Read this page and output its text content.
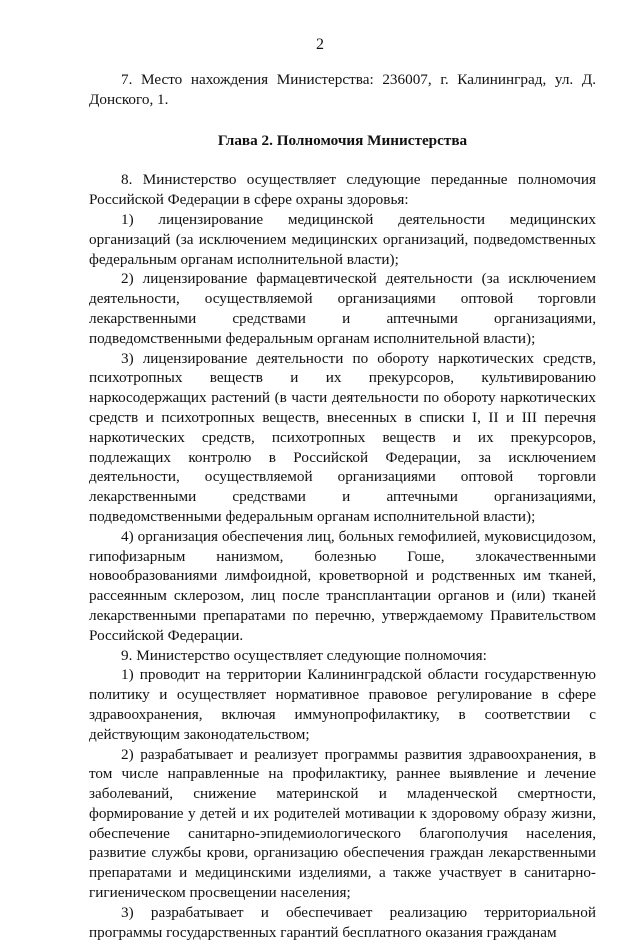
2

7. Место нахождения Министерства: 236007, г. Калининград, ул. Д. Донского, 1.

Глава 2. Полномочия Министерства

8. Министерство осуществляет следующие переданные полномочия Российской Федерации в сфере охраны здоровья:

1) лицензирование медицинской деятельности медицинских организаций (за исключением медицинских организаций, подведомственных федеральным органам исполнительной власти);

2) лицензирование фармацевтической деятельности (за исключением деятельности, осуществляемой организациями оптовой торговли лекарственными средствами и аптечными организациями, подведомственными федеральным органам исполнительной власти);

3) лицензирование деятельности по обороту наркотических средств, психотропных веществ и их прекурсоров, культивированию наркосодержащих растений (в части деятельности по обороту наркотических средств и психотропных веществ, внесенных в списки I, II и III перечня наркотических средств, психотропных веществ и их прекурсоров, подлежащих контролю в Российской Федерации, за исключением деятельности, осуществляемой организациями оптовой торговли лекарственными средствами и аптечными организациями, подведомственными федеральным органам исполнительной власти);

4) организация обеспечения лиц, больных гемофилией, муковисцидозом, гипофизарным нанизмом, болезнью Гоше, злокачественными новообразованиями лимфоидной, кроветворной и родственных им тканей, рассеянным склерозом, лиц после трансплантации органов и (или) тканей лекарственными препаратами по перечню, утверждаемому Правительством Российской Федерации.

9. Министерство осуществляет следующие полномочия:

1) проводит на территории Калининградской области государственную политику и осуществляет нормативное правовое регулирование в сфере здравоохранения, включая иммунопрофилактику, в соответствии с действующим законодательством;

2) разрабатывает и реализует программы развития здравоохранения, в том числе направленные на профилактику, раннее выявление и лечение заболеваний, снижение материнской и младенческой смертности, формирование у детей и их родителей мотивации к здоровому образу жизни, обеспечение санитарно-эпидемиологического благополучия населения, развитие службы крови, организацию обеспечения граждан лекарственными препаратами и медицинскими изделиями, а также участвует в санитарно-гигиеническом просвещении населения;

3) разрабатывает и обеспечивает реализацию территориальной программы государственных гарантий бесплатного оказания гражданам
